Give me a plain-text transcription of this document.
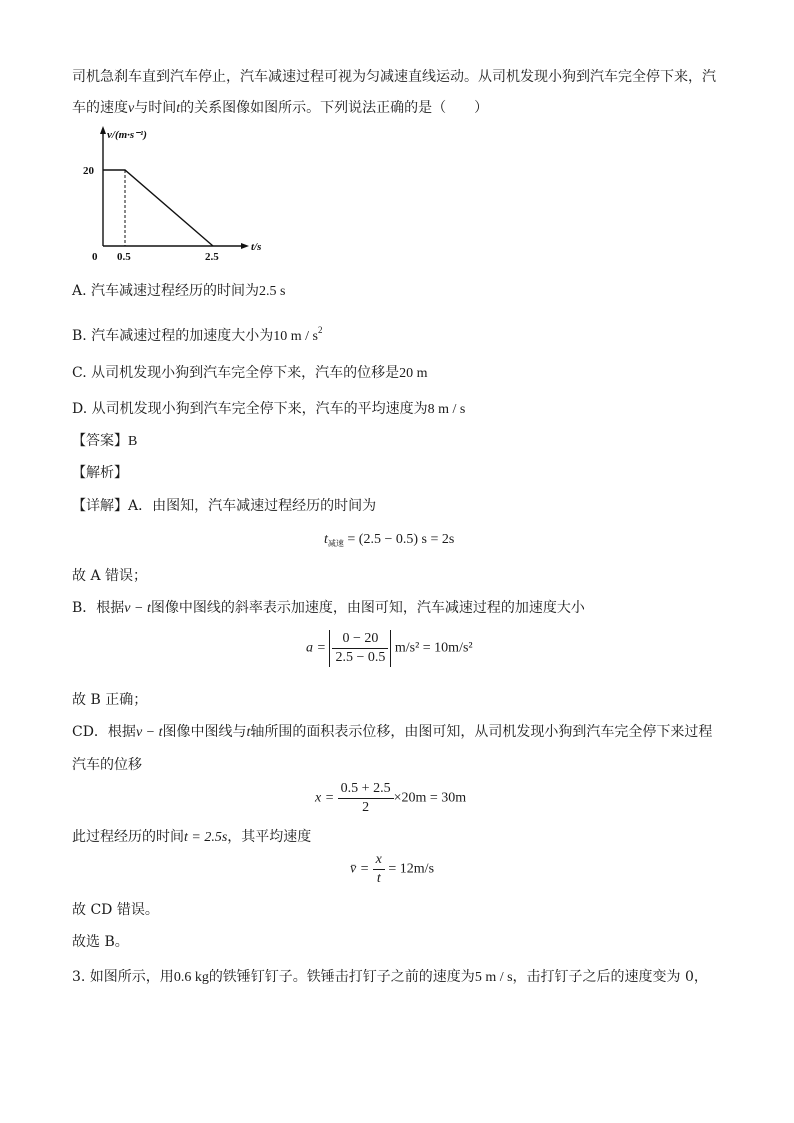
司机急刹车直到汽车停止，汽车减速过程可视为匀减速直线运动。从司机发现小狗到汽车完全停下来，汽
车的速度v与时间t的关系图像如图所示。下列说法正确的是（　　）
0 0.5	2.5
20
t/s
v/(m·s⁻¹)
A. 汽车减速过程经历的时间为2.5 s
B. 汽车减速过程的加速度大小为10 m / $s^2$
C. 从司机发现小狗到汽车完全停下来，汽车的位移是20 m
D. 从司机发现小狗到汽车完全停下来，汽车的平均速度为8 m / s
【答案】B
【解析】
【详解】A．由图知，汽车减速过程经历的时间为
$t_{减速} = (2.5 - 0.5) s = 2s$
故 A 错误；
B．根据v − t图像中图线的斜率表示加速度，由图可知，汽车减速过程的加速度大小
$a = \frac{0 - 20}{2.5 - 0.5} m/s^2 = 10m/s^2$
故 B 正确；
CD．根据v − t图像中图线与t轴所围的面积表示位移，由图可知，从司机发现小狗到汽车完全停下来过程
汽车的位移
$x = \frac{0.5 + 2.5}{2} \times 20m = 30m$
此过程经历的时间t = 2.5s，其平均速度
v̄ = $\frac{x}{t} = 12m/s$
故 CD 错误。
故选 B。
3. 如图所示，用0.6 kg的铁锤钉钉子。铁锤击打钉子之前的速度为5 m / s，击打钉子之后的速度变为 0，
